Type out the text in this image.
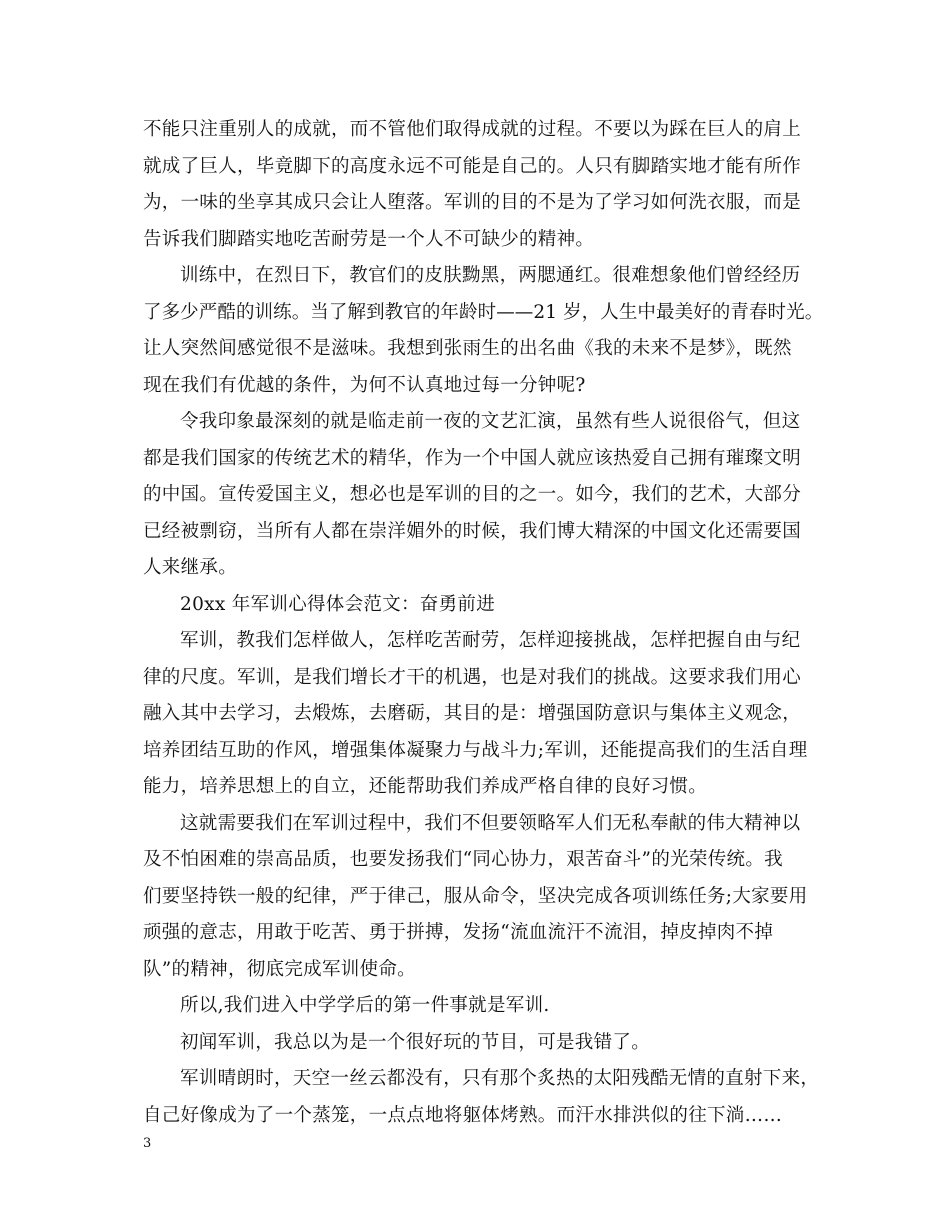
不能只注重别人的成就，而不管他们取得成就的过程。不要以为踩在巨人的肩上
就成了巨人，毕竟脚下的高度永远不可能是自己的。人只有脚踏实地才能有所作
为，一味的坐享其成只会让人堕落。军训的目的不是为了学习如何洗衣服，而是
告诉我们脚踏实地吃苦耐劳是一个人不可缺少的精神。
训练中，在烈日下，教官们的皮肤黝黑，两腮通红。很难想象他们曾经经历
了多少严酷的训练。当了解到教官的年龄时——21 岁，人生中最美好的青春时光。
让人突然间感觉很不是滋味。我想到张雨生的出名曲《我的未来不是梦》，既然
现在我们有优越的条件，为何不认真地过每一分钟呢?
令我印象最深刻的就是临走前一夜的文艺汇演，虽然有些人说很俗气，但这
都是我们国家的传统艺术的精华，作为一个中国人就应该热爱自己拥有璀璨文明
的中国。宣传爱国主义，想必也是军训的目的之一。如今，我们的艺术，大部分
已经被剽窃，当所有人都在崇洋媚外的时候，我们博大精深的中国文化还需要国
人来继承。
20xx 年军训心得体会范文：奋勇前进
军训，教我们怎样做人，怎样吃苦耐劳，怎样迎接挑战，怎样把握自由与纪
律的尺度。军训，是我们增长才干的机遇，也是对我们的挑战。这要求我们用心
融入其中去学习，去煅炼，去磨砺，其目的是：增强国防意识与集体主义观念，
培养团结互助的作风，增强集体凝聚力与战斗力;军训，还能提高我们的生活自理
能力，培养思想上的自立，还能帮助我们养成严格自律的良好习惯。
这就需要我们在军训过程中，我们不但要领略军人们无私奉献的伟大精神以
及不怕困难的崇高品质，也要发扬我们“同心协力，艰苦奋斗”的光荣传统。我
们要坚持铁一般的纪律，严于律己，服从命令，坚决完成各项训练任务;大家要用
顽强的意志，用敢于吃苦、勇于拼搏，发扬“流血流汗不流泪，掉皮掉肉不掉
队”的精神，彻底完成军训使命。
所以,我们进入中学学后的第一件事就是军训.
初闻军训，我总以为是一个很好玩的节目，可是我错了。
军训晴朗时，天空一丝云都没有，只有那个炙热的太阳残酷无情的直射下来，
自己好像成为了一个蒸笼，一点点地将躯体烤熟。而汗水排洪似的往下淌……
3
